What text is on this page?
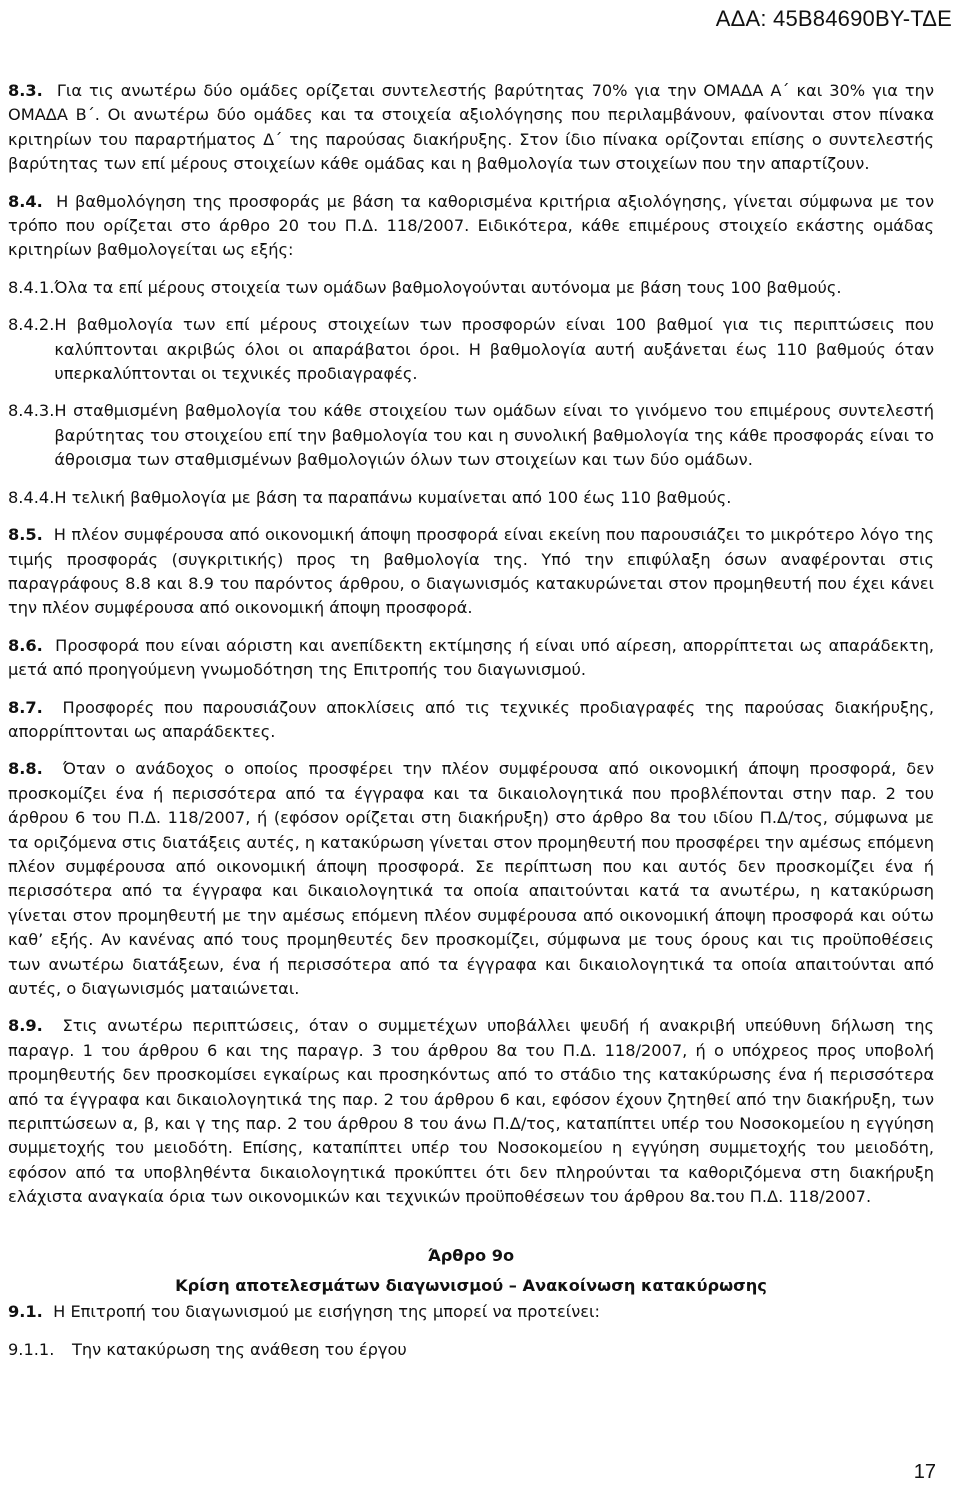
ΑΔΑ: 45Β84690ΒΥ-ΤΔΕ

8.3. Για τις ανωτέρω δύο ομάδες ορίζεται συντελεστής βαρύτητας 70% για την ΟΜΑΔΑ Α΄ και 30% για την ΟΜΑΔΑ Β΄. Οι ανωτέρω δύο ομάδες και τα στοιχεία αξιολόγησης που περιλαμβάνουν, φαίνονται στον πίνακα κριτηρίων του παραρτήματος Δ΄ της παρούσας διακήρυξης. Στον ίδιο πίνακα ορίζονται επίσης ο συντελεστής βαρύτητας των επί μέρους στοιχείων κάθε ομάδας και η βαθμολογία των στοιχείων που την απαρτίζουν.

8.4. Η βαθμολόγηση της προσφοράς με βάση τα καθορισμένα κριτήρια αξιολόγησης, γίνεται σύμφωνα με τον τρόπο που ορίζεται στο άρθρο 20 του Π.Δ. 118/2007. Ειδικότερα, κάθε επιμέρους στοιχείο εκάστης ομάδας κριτηρίων βαθμολογείται ως εξής:

8.4.1. Όλα τα επί μέρους στοιχεία των ομάδων βαθμολογούνται αυτόνομα με βάση τους 100 βαθμούς.
8.4.2. Η βαθμολογία των επί μέρους στοιχείων των προσφορών είναι 100 βαθμοί για τις περιπτώσεις που καλύπτονται ακριβώς όλοι οι απαράβατοι όροι. Η βαθμολογία αυτή αυξάνεται έως 110 βαθμούς όταν υπερκαλύπτονται οι τεχνικές προδιαγραφές.
8.4.3. Η σταθμισμένη βαθμολογία του κάθε στοιχείου των ομάδων είναι το γινόμενο του επιμέρους συντελεστή βαρύτητας του στοιχείου επί την βαθμολογία του και η συνολική βαθμολογία της κάθε προσφοράς είναι το άθροισμα των σταθμισμένων βαθμολογιών όλων των στοιχείων και των δύο ομάδων.
8.4.4. Η τελική βαθμολογία με βάση τα παραπάνω κυμαίνεται από 100 έως 110 βαθμούς.

8.5. Η πλέον συμφέρουσα από οικονομική άποψη προσφορά είναι εκείνη που παρουσιάζει το μικρότερο λόγο της τιμής προσφοράς (συγκριτικής) προς τη βαθμολογία της. Υπό την επιφύλαξη όσων αναφέρονται στις παραγράφους 8.8 και 8.9 του παρόντος άρθρου, ο διαγωνισμός κατακυρώνεται στον προμηθευτή που έχει κάνει την πλέον συμφέρουσα από οικονομική άποψη προσφορά.

8.6. Προσφορά που είναι αόριστη και ανεπίδεκτη εκτίμησης ή είναι υπό αίρεση, απορρίπτεται ως απαράδεκτη, μετά από προηγούμενη γνωμοδότηση της Επιτροπής του διαγωνισμού.

8.7. Προσφορές που παρουσιάζουν αποκλίσεις από τις τεχνικές προδιαγραφές της παρούσας διακήρυξης, απορρίπτονται ως απαράδεκτες.

8.8. Όταν ο ανάδοχος ο οποίος προσφέρει την πλέον συμφέρουσα από οικονομική άποψη προσφορά, δεν προσκομίζει ένα ή περισσότερα από τα έγγραφα και τα δικαιολογητικά που προβλέπονται στην παρ. 2 του άρθρου 6 του Π.Δ. 118/2007, ή (εφόσον ορίζεται στη διακήρυξη) στο άρθρο 8α του ιδίου Π.Δ/τος, σύμφωνα με τα οριζόμενα στις διατάξεις αυτές, η κατακύρωση γίνεται στον προμηθευτή που προσφέρει την αμέσως επόμενη πλέον συμφέρουσα από οικονομική άποψη προσφορά. Σε περίπτωση που και αυτός δεν προσκομίζει ένα ή περισσότερα από τα έγγραφα και δικαιολογητικά τα οποία απαιτούνται κατά τα ανωτέρω, η κατακύρωση γίνεται στον προμηθευτή με την αμέσως επόμενη πλέον συμφέρουσα από οικονομική άποψη προσφορά και ούτω καθ’ εξής. Αν κανένας από τους προμηθευτές δεν προσκομίζει, σύμφωνα με τους όρους και τις προϋποθέσεις των ανωτέρω διατάξεων, ένα ή περισσότερα από τα έγγραφα και δικαιολογητικά τα οποία απαιτούνται από αυτές, ο διαγωνισμός ματαιώνεται.

8.9. Στις ανωτέρω περιπτώσεις, όταν ο συμμετέχων υποβάλλει ψευδή ή ανακριβή υπεύθυνη δήλωση της παραγρ. 1 του άρθρου 6 και της παραγρ. 3 του άρθρου 8α του Π.Δ. 118/2007, ή ο υπόχρεος προς υποβολή προμηθευτής δεν προσκομίσει εγκαίρως και προσηκόντως από το στάδιο της κατακύρωσης ένα ή περισσότερα από τα έγγραφα και δικαιολογητικά της παρ. 2 του άρθρου 6 και, εφόσον έχουν ζητηθεί από την διακήρυξη, των περιπτώσεων α, β, και γ της παρ. 2 του άρθρου 8 του άνω Π.Δ/τος, καταπίπτει υπέρ του Νοσοκομείου η εγγύηση συμμετοχής του μειοδότη. Επίσης, καταπίπτει υπέρ του Νοσοκομείου η εγγύηση συμμετοχής του μειοδότη, εφόσον από τα υποβληθέντα δικαιολογητικά προκύπτει ότι δεν πληρούνται τα καθοριζόμενα στη διακήρυξη ελάχιστα αναγκαία όρια των οικονομικών και τεχνικών προϋποθέσεων του άρθρου 8α.του Π.Δ. 118/2007.

Άρθρο 9ο
Κρίση αποτελεσμάτων διαγωνισμού – Ανακοίνωση κατακύρωσης

9.1. Η Επιτροπή του διαγωνισμού με εισήγηση της μπορεί να προτείνει:

9.1.1.	Την κατακύρωση της ανάθεση του έργου
17
